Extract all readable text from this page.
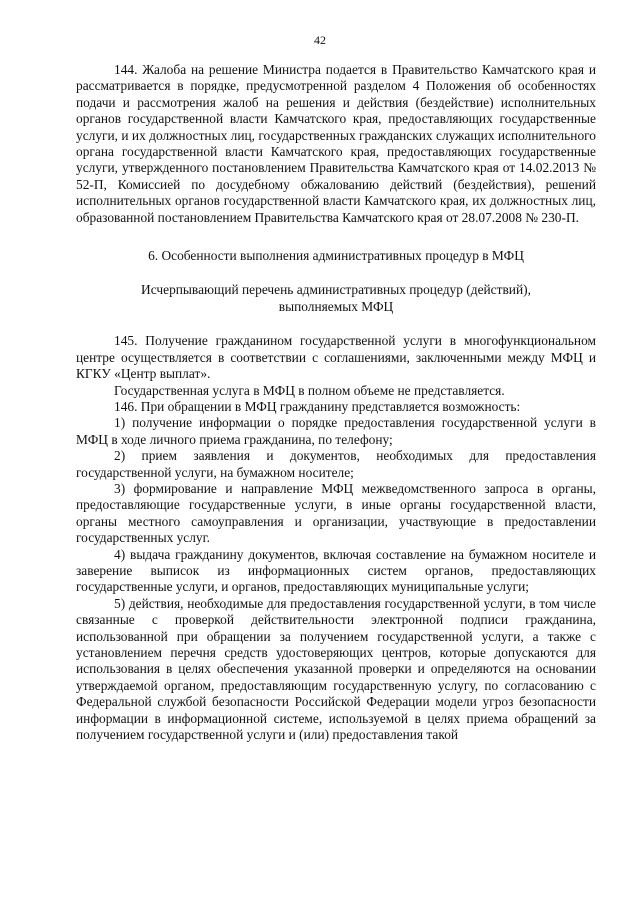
42

144. Жалоба на решение Министра подается в Правительство Камчатского края и рассматривается в порядке, предусмотренной разделом 4 Положения об особенностях подачи и рассмотрения жалоб на решения и действия (бездействие) исполнительных органов государственной власти Камчатского края, предоставляющих государственные услуги, и их должностных лиц, государственных гражданских служащих исполнительного органа государственной власти Камчатского края, предоставляющих государственные услуги, утвержденного постановлением Правительства Камчатского края от 14.02.2013 № 52-П, Комиссией по досудебному обжалованию действий (бездействия), решений исполнительных органов государственной власти Камчатского края, их должностных лиц, образованной постановлением Правительства Камчатского края от 28.07.2008 № 230-П.

6. Особенности выполнения административных процедур в МФЦ

Исчерпывающий перечень административных процедур (действий),
выполняемых МФЦ

145. Получение гражданином государственной услуги в многофункциональном центре осуществляется в соответствии с соглашениями, заключенными между МФЦ и КГКУ «Центр выплат».

Государственная услуга в МФЦ в полном объеме не представляется.

146. При обращении в МФЦ гражданину представляется возможность:

1) получение информации о порядке предоставления государственной услуги в МФЦ в ходе личного приема гражданина, по телефону;

2) прием заявления и документов, необходимых для предоставления государственной услуги, на бумажном носителе;

3) формирование и направление МФЦ межведомственного запроса в органы, предоставляющие государственные услуги, в иные органы государственной власти, органы местного самоуправления и организации, участвующие в предоставлении государственных услуг.

4) выдача гражданину документов, включая составление на бумажном носителе и заверение выписок из информационных систем органов, предоставляющих государственные услуги, и органов, предоставляющих муниципальные услуги;

5) действия, необходимые для предоставления государственной услуги, в том числе связанные с проверкой действительности электронной подписи гражданина, использованной при обращении за получением государственной услуги, а также с установлением перечня средств удостоверяющих центров, которые допускаются для использования в целях обеспечения указанной проверки и определяются на основании утверждаемой органом, предоставляющим государственную услугу, по согласованию с Федеральной службой безопасности Российской Федерации модели угроз безопасности информации в информационной системе, используемой в целях приема обращений за получением государственной услуги и (или) предоставления такой
